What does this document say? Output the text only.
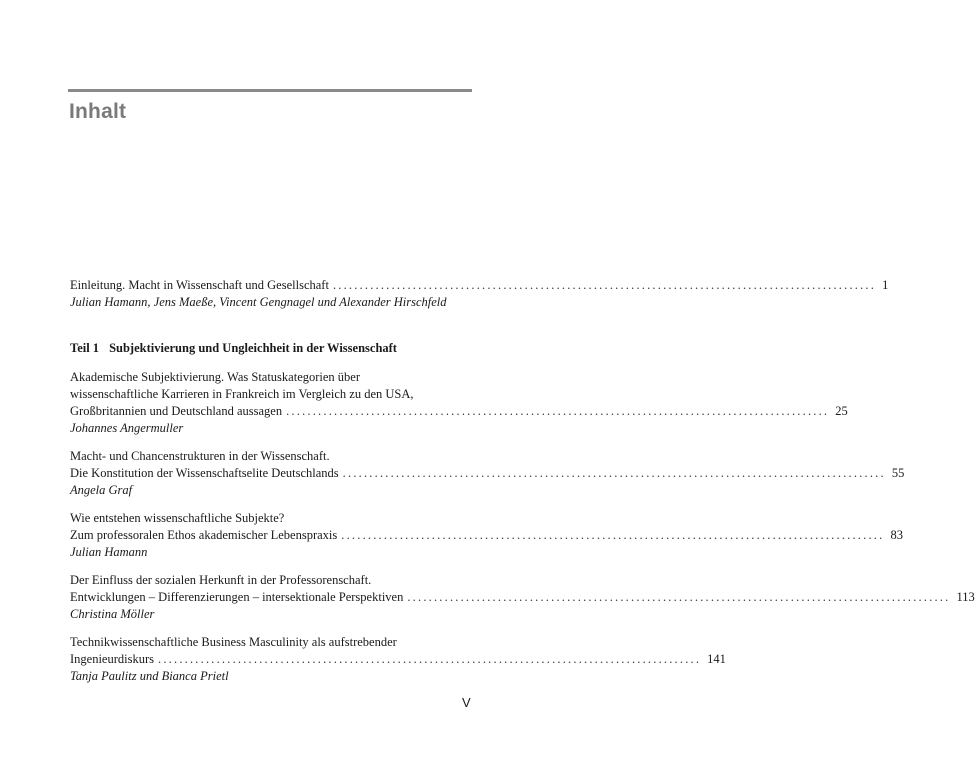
Inhalt
Einleitung. Macht in Wissenschaft und Gesellschaft ...................................................................................................... 1
Julian Hamann, Jens Maeße, Vincent Gengnagel und Alexander Hirschfeld
Teil 1 Subjektivierung und Ungleichheit in der Wissenschaft
Akademische Subjektivierung. Was Statuskategorien über
wissenschaftliche Karrieren in Frankreich im Vergleich zu den USA,
Großbritannien und Deutschland aussagen ...................................................................................................... 25
Johannes Angermuller
Macht- und Chancenstrukturen in der Wissenschaft.
Die Konstitution der Wissenschaftselite Deutschlands ...................................................................................................... 55
Angela Graf
Wie entstehen wissenschaftliche Subjekte?
Zum professoralen Ethos akademischer Lebenspraxis ...................................................................................................... 83
Julian Hamann
Der Einfluss der sozialen Herkunft in der Professorenschaft.
Entwicklungen – Differenzierungen – intersektionale Perspektiven ...................................................................................................... 113
Christina Möller
Technikwissenschaftliche Business Masculinity als aufstrebender
Ingenieurdiskurs ...................................................................................................... 141
Tanja Paulitz und Bianca Prietl
V
